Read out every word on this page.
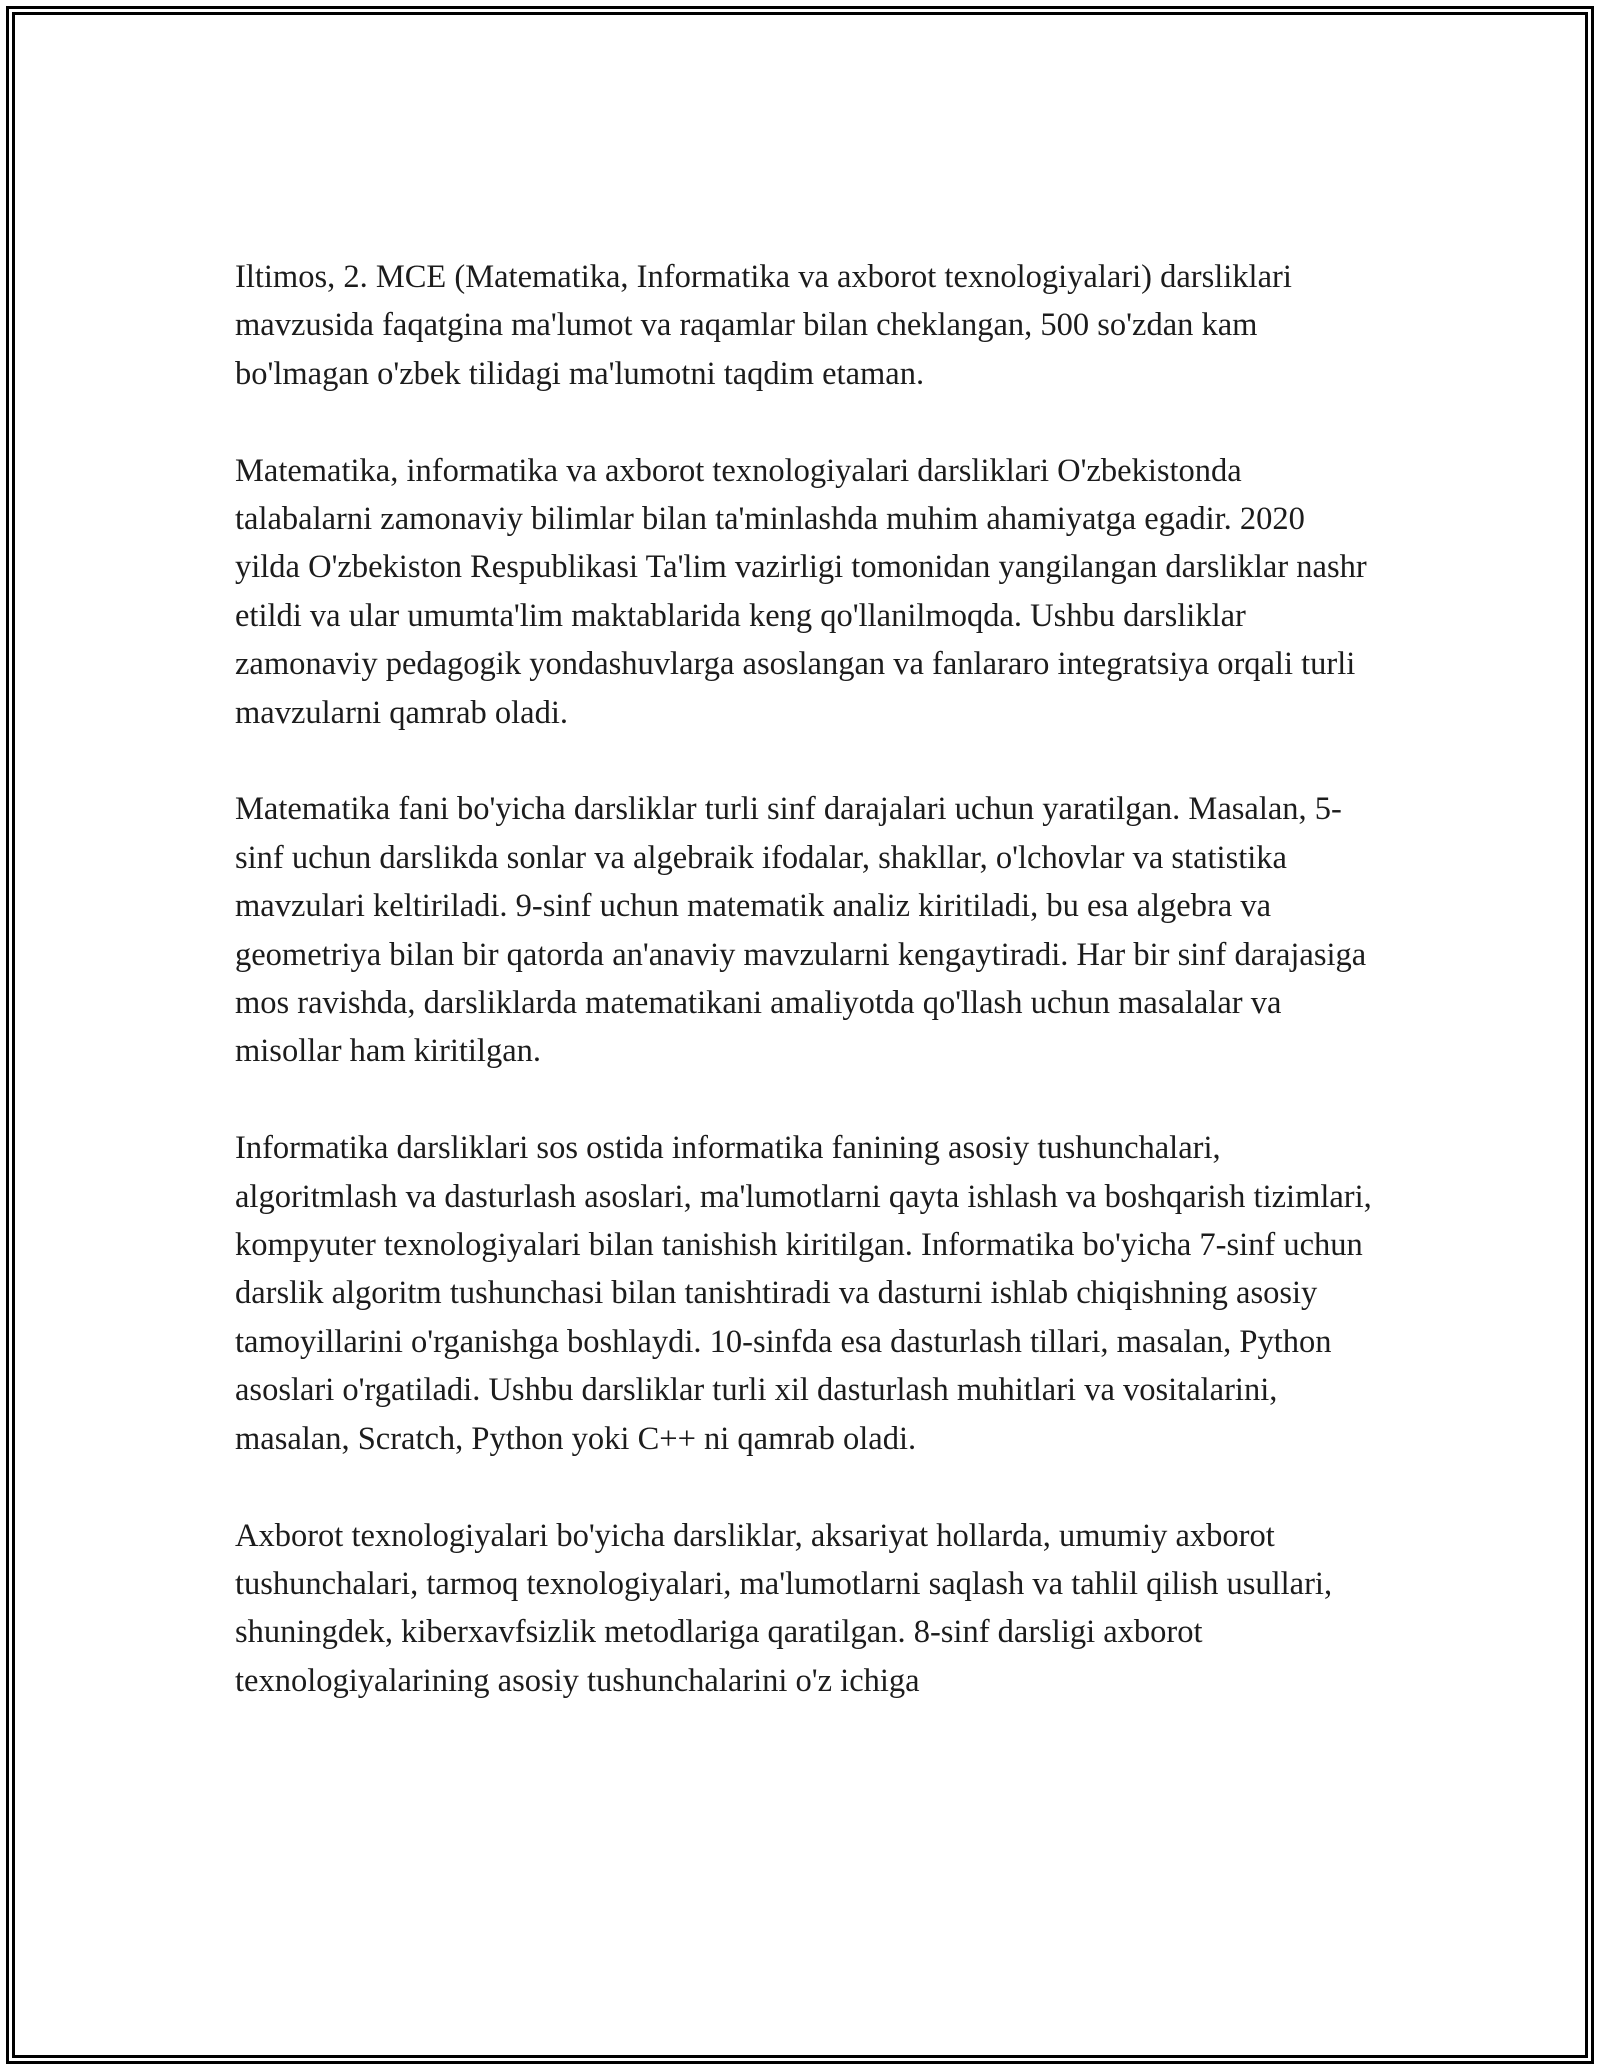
Iltimos, 2. MCE (Matematika, Informatika va axborot texnologiyalari) darsliklari mavzusida faqatgina ma'lumot va raqamlar bilan cheklangan, 500 so'zdan kam bo'lmagan o'zbek tilidagi ma'lumotni taqdim etaman.

Matematika, informatika va axborot texnologiyalari darsliklari O'zbekistonda talabalarni zamonaviy bilimlar bilan ta'minlashda muhim ahamiyatga egadir. 2020 yilda O'zbekiston Respublikasi Ta'lim vazirligi tomonidan yangilangan darsliklar nashr etildi va ular umumta'lim maktablarida keng qo'llanilmoqda. Ushbu darsliklar zamonaviy pedagogik yondashuvlarga asoslangan va fanlararo integratsiya orqali turli mavzularni qamrab oladi.

Matematika fani bo'yicha darsliklar turli sinf darajalari uchun yaratilgan. Masalan, 5-sinf uchun darslikda sonlar va algebraik ifodalar, shakllar, o'lchovlar va statistika mavzulari keltiriladi. 9-sinf uchun matematik analiz kiritiladi, bu esa algebra va geometriya bilan bir qatorda an'anaviy mavzularni kengaytiradi. Har bir sinf darajasiga mos ravishda, darsliklarda matematikani amaliyotda qo'llash uchun masalalar va misollar ham kiritilgan.

Informatika darsliklari sos ostida informatika fanining asosiy tushunchalari, algoritmlash va dasturlash asoslari, ma'lumotlarni qayta ishlash va boshqarish tizimlari, kompyuter texnologiyalari bilan tanishish kiritilgan. Informatika bo'yicha 7-sinf uchun darslik algoritm tushunchasi bilan tanishtiradi va dasturni ishlab chiqishning asosiy tamoyillarini o'rganishga boshlaydi. 10-sinfda esa dasturlash tillari, masalan, Python asoslari o'rgatiladi. Ushbu darsliklar turli xil dasturlash muhitlari va vositalarini, masalan, Scratch, Python yoki C++ ni qamrab oladi.

Axborot texnologiyalari bo'yicha darsliklar, aksariyat hollarda, umumiy axborot tushunchalari, tarmoq texnologiyalari, ma'lumotlarni saqlash va tahlil qilish usullari, shuningdek, kiberxavfsizlik metodlariga qaratilgan. 8-sinf darsligi axborot texnologiyalarining asosiy tushunchalarini o'z ichiga
